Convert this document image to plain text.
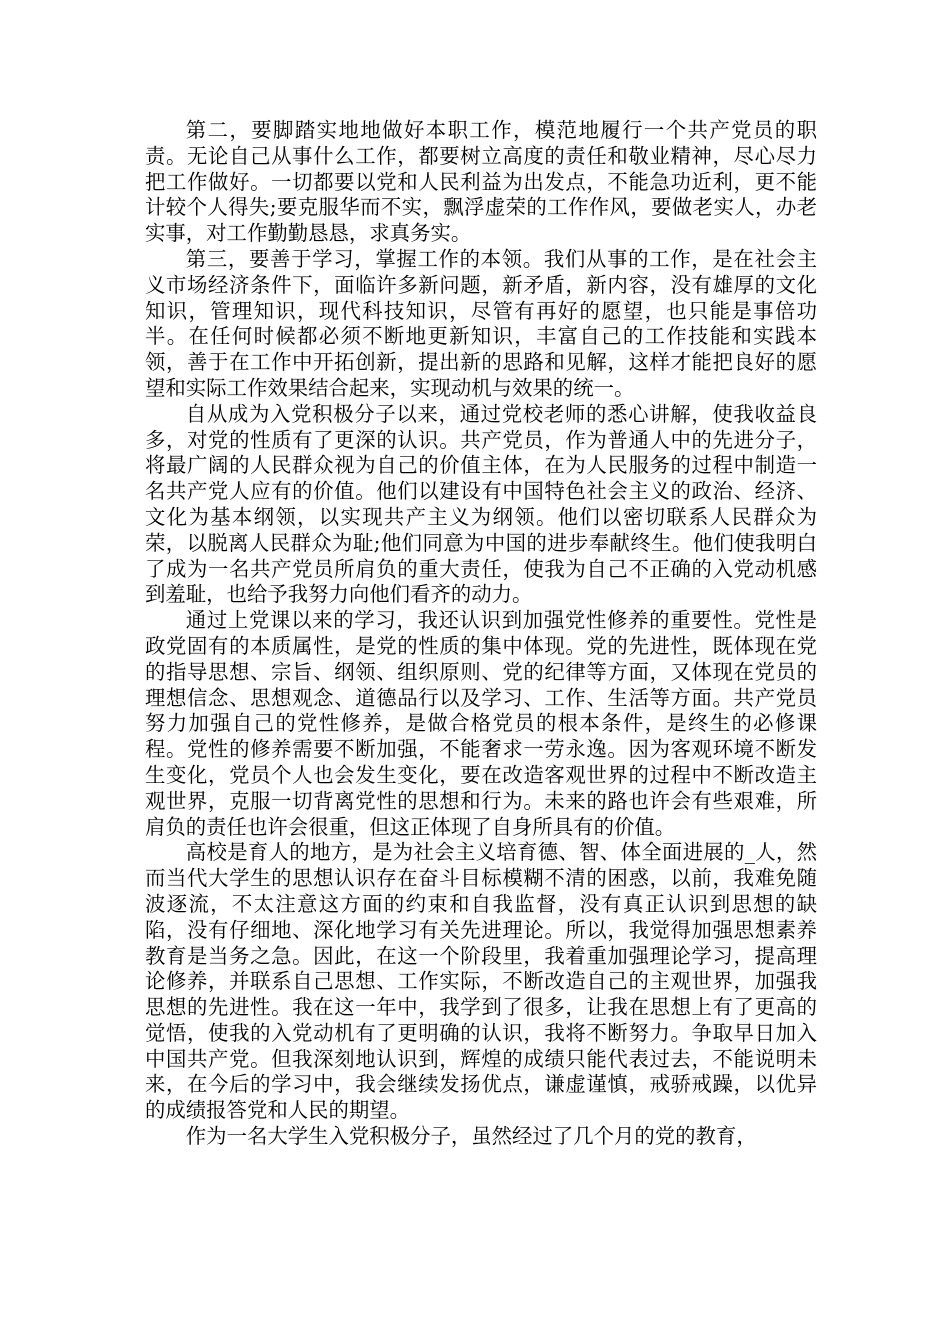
第二，要脚踏实地地做好本职工作，模范地履行一个共产党员的职责。无论自己从事什么工作，都要树立高度的责任和敬业精神，尽心尽力把工作做好。一切都要以党和人民利益为出发点，不能急功近利，更不能计较个人得失;要克服华而不实，飘浮虚荣的工作作风，要做老实人，办老实事，对工作勤勤恳恳，求真务实。

第三，要善于学习，掌握工作的本领。我们从事的工作，是在社会主义市场经济条件下，面临许多新问题，新矛盾，新内容，没有雄厚的文化知识，管理知识，现代科技知识，尽管有再好的愿望，也只能是事倍功半。在任何时候都必须不断地更新知识，丰富自己的工作技能和实践本领，善于在工作中开拓创新，提出新的思路和见解，这样才能把良好的愿望和实际工作效果结合起来，实现动机与效果的统一。

自从成为入党积极分子以来，通过党校老师的悉心讲解，使我收益良多，对党的性质有了更深的认识。共产党员，作为普通人中的先进分子，将最广阔的人民群众视为自己的价值主体，在为人民服务的过程中制造一名共产党人应有的价值。他们以建设有中国特色社会主义的政治、经济、文化为基本纲领，以实现共产主义为纲领。他们以密切联系人民群众为荣，以脱离人民群众为耻;他们同意为中国的进步奉献终生。他们使我明白了成为一名共产党员所肩负的重大责任，使我为自己不正确的入党动机感到羞耻，也给予我努力向他们看齐的动力。

通过上党课以来的学习，我还认识到加强党性修养的重要性。党性是政党固有的本质属性，是党的性质的集中体现。党的先进性，既体现在党的指导思想、宗旨、纲领、组织原则、党的纪律等方面，又体现在党员的理想信念、思想观念、道德品行以及学习、工作、生活等方面。共产党员努力加强自己的党性修养，是做合格党员的根本条件，是终生的必修课程。党性的修养需要不断加强，不能奢求一劳永逸。因为客观环境不断发生变化，党员个人也会发生变化，要在改造客观世界的过程中不断改造主观世界，克服一切背离党性的思想和行为。未来的路也许会有些艰难，所肩负的责任也许会很重，但这正体现了自身所具有的价值。

高校是育人的地方，是为社会主义培育德、智、体全面进展的_人，然而当代大学生的思想认识存在奋斗目标模糊不清的困惑，以前，我难免随波逐流，不太注意这方面的约束和自我监督，没有真正认识到思想的缺陷，没有仔细地、深化地学习有关先进理论。所以，我觉得加强思想素养教育是当务之急。因此，在这一个阶段里，我着重加强理论学习，提高理论修养，并联系自己思想、工作实际，不断改造自己的主观世界，加强我思想的先进性。我在这一年中，我学到了很多，让我在思想上有了更高的觉悟，使我的入党动机有了更明确的认识，我将不断努力。争取早日加入中国共产党。但我深刻地认识到，辉煌的成绩只能代表过去，不能说明未来，在今后的学习中，我会继续发扬优点，谦虚谨慎，戒骄戒躁，以优异的成绩报答党和人民的期望。

作为一名大学生入党积极分子，虽然经过了几个月的党的教育，
